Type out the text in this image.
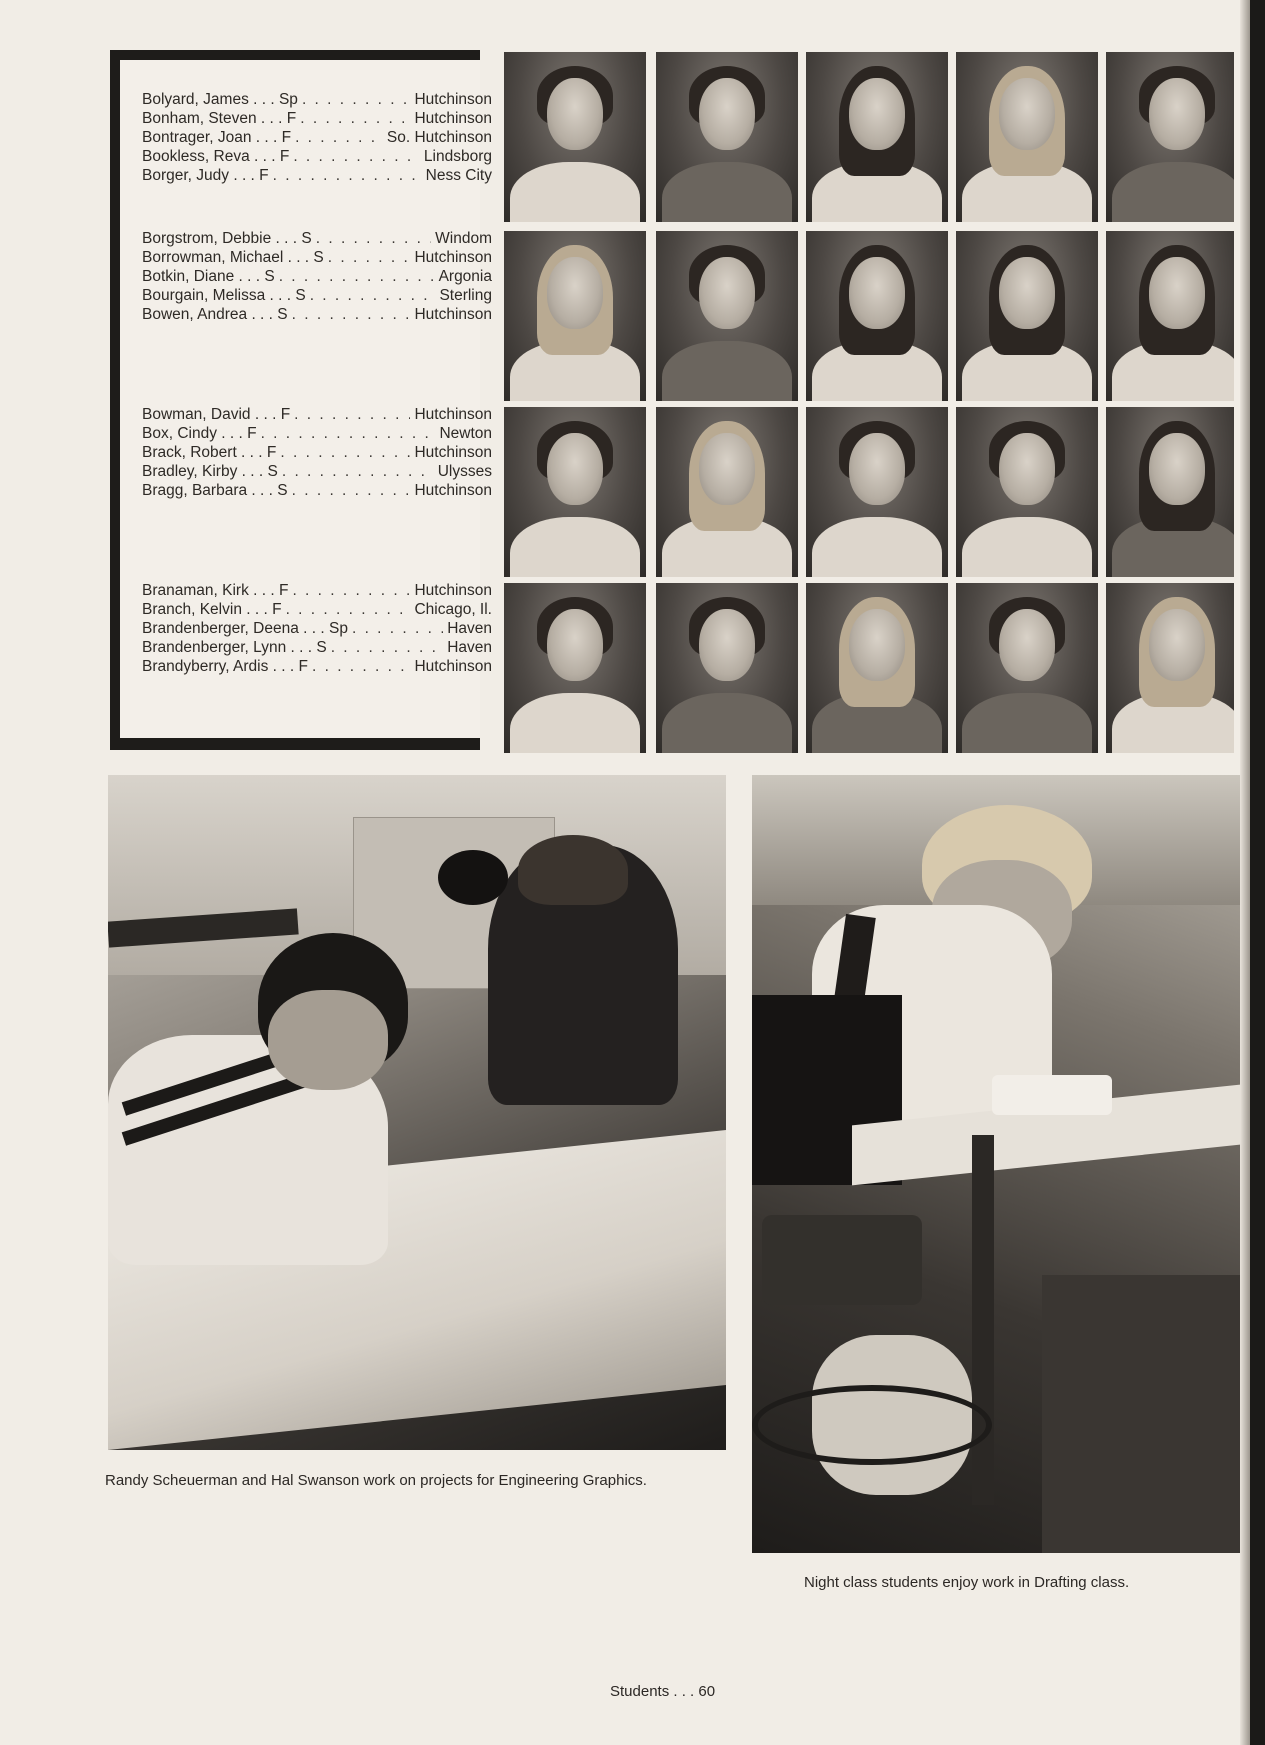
Bolyard, James . . . Sp . . .	Hutchinson
Bonham, Steven . . . F . . .	Hutchinson
Bontrager, Joan . . . F . . .	So. Hutchinson
Bookless, Reva . . . F . . .	Lindsborg
Borger, Judy . . . F . . .	Ness City
Borgstrom, Debbie . . . S . . .	Windom
Borrowman, Michael . . . S . . .	Hutchinson
Botkin, Diane . . . S . . .	Argonia
Bourgain, Melissa . . . S . . .	Sterling
Bowen, Andrea . . . S . . .	Hutchinson
Bowman, David . . . F . . .	Hutchinson
Box, Cindy . . . F . . .	Newton
Brack, Robert . . . F . . .	Hutchinson
Bradley, Kirby . . . S . . .	Ulysses
Bragg, Barbara . . . S . . .	Hutchinson
Branaman, Kirk . . . F . . .	Hutchinson
Branch, Kelvin . . . F . . .	Chicago, Il.
Brandenberger, Deena . . . Sp . . .	Haven
Brandenberger, Lynn . . . S . . .	Haven
Brandyberry, Ardis . . . F . . .	Hutchinson
Randy Scheuerman and Hal Swanson work on projects for Engineering Graphics.
Night class students enjoy work in Drafting class.
Students . . . 60
